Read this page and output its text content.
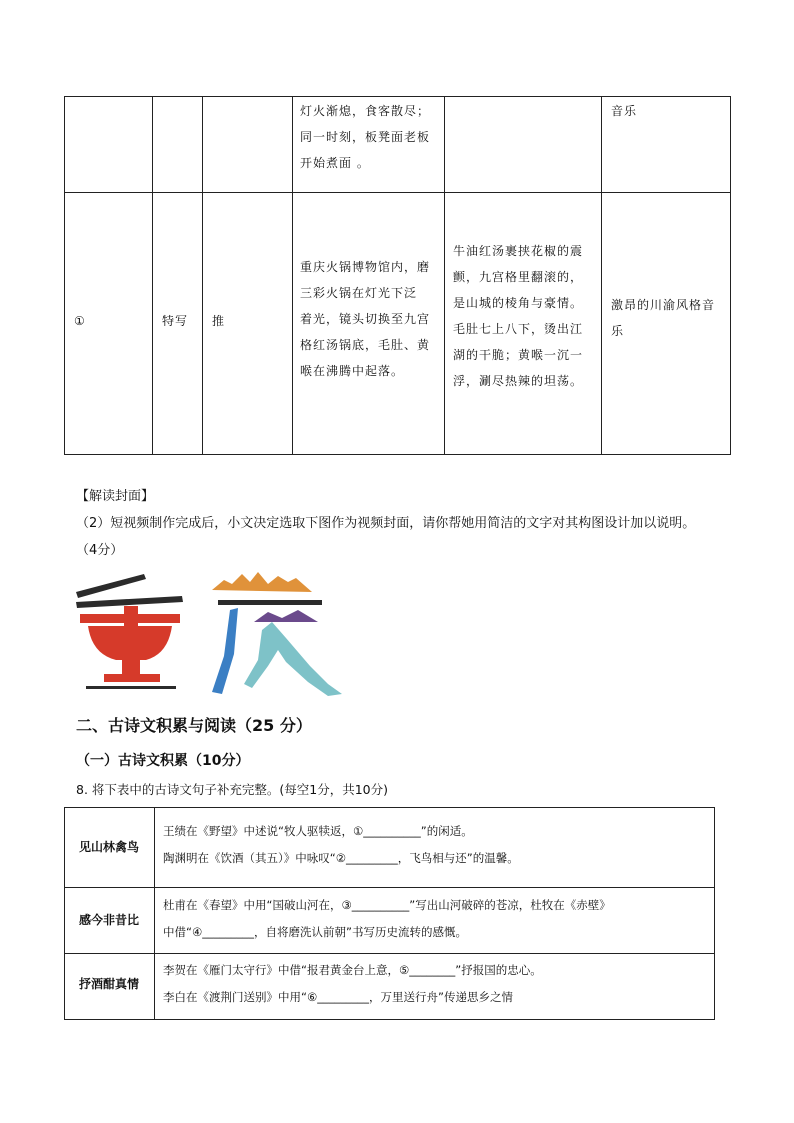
灯火渐熄，食客散尽；
同一时刻，板凳面老板
开始煮面 。
音乐
①	特写 推
重庆火锅博物馆内，磨
三彩火锅在灯光下泛
着光，镜头切换至九宫
格红汤锅底，毛肚、黄
喉在沸腾中起落。
牛油红汤裹挟花椒的震
颤，九宫格里翻滚的，
是山城的棱角与豪情。
毛肚七上八下，烫出江
湖的干脆；黄喉一沉一
浮，涮尽热辣的坦荡。
激昂的川渝风格音
乐
【解读封面】
（2）短视频制作完成后，小文决定选取下图作为视频封面，请你帮她用简洁的文字对其构图设计加以说明。
（4分）
二、古诗文积累与阅读（25 分）
（一）古诗文积累（10分）
8. 将下表中的古诗文句子补充完整。(每空1分，共10分)
见山林禽鸟
王绩在《野望》中述说“牧人驱犊返，①__________”的闲适。
陶渊明在《饮酒（其五）》中咏叹“②_________，飞鸟相与还”的温馨。
感今非昔比
杜甫在《春望》中用“国破山河在，③__________”写出山河破碎的苍凉，杜牧在《赤壁》
中借“④_________，自将磨洗认前朝”书写历史流转的感慨。
抒酒酣真情
李贺在《雁门太守行》中借“报君黄金台上意，⑤________”抒报国的忠心。
李白在《渡荆门送别》中用“⑥_________，万里送行舟”传递思乡之情
